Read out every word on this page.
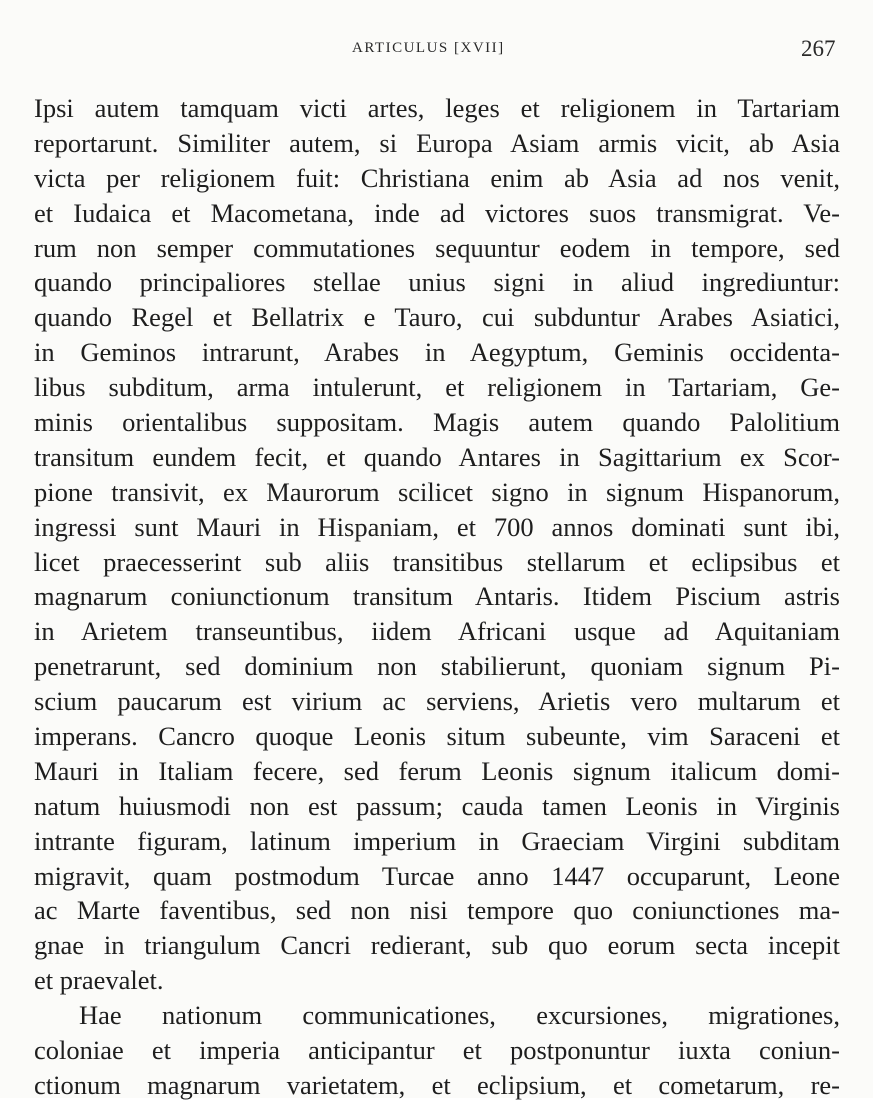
ARTICULUS [XVII]	267
Ipsi autem tamquam victi artes, leges et religionem in Tartariam
reportarunt. Similiter autem, si Europa Asiam armis vicit, ab Asia
victa per religionem fuit: Christiana enim ab Asia ad nos venit,
et Iudaica et Macometana, inde ad victores suos transmigrat. Ve-
rum non semper commutationes sequuntur eodem in tempore, sed
quando principaliores stellae unius signi in aliud ingrediuntur:
quando Regel et Bellatrix e Tauro, cui subduntur Arabes Asiatici,
in Geminos intrarunt, Arabes in Aegyptum, Geminis occidenta-
libus subditum, arma intulerunt, et religionem in Tartariam, Ge-
minis orientalibus suppositam. Magis autem quando Palolitium
transitum eundem fecit, et quando Antares in Sagittarium ex Scor-
pione transivit, ex Maurorum scilicet signo in signum Hispanorum,
ingressi sunt Mauri in Hispaniam, et 700 annos dominati sunt ibi,
licet praecesserint sub aliis transitibus stellarum et eclipsibus et
magnarum coniunctionum transitum Antaris. Itidem Piscium astris
in Arietem transeuntibus, iidem Africani usque ad Aquitaniam
penetrarunt, sed dominium non stabilierunt, quoniam signum Pi-
scium paucarum est virium ac serviens, Arietis vero multarum et
imperans. Cancro quoque Leonis situm subeunte, vim Saraceni et
Mauri in Italiam fecere, sed ferum Leonis signum italicum domi-
natum huiusmodi non est passum; cauda tamen Leonis in Virginis
intrante figuram, latinum imperium in Graeciam Virgini subditam
migravit, quam postmodum Turcae anno 1447 occuparunt, Leone
ac Marte faventibus, sed non nisi tempore quo coniunctiones ma-
gnae in triangulum Cancri redierant, sub quo eorum secta incepit
et praevalet.
Hae nationum communicationes, excursiones, migrationes,
coloniae et imperia anticipantur et postponuntur iuxta coniun-
ctionum magnarum varietatem, et eclipsium, et cometarum, re-
